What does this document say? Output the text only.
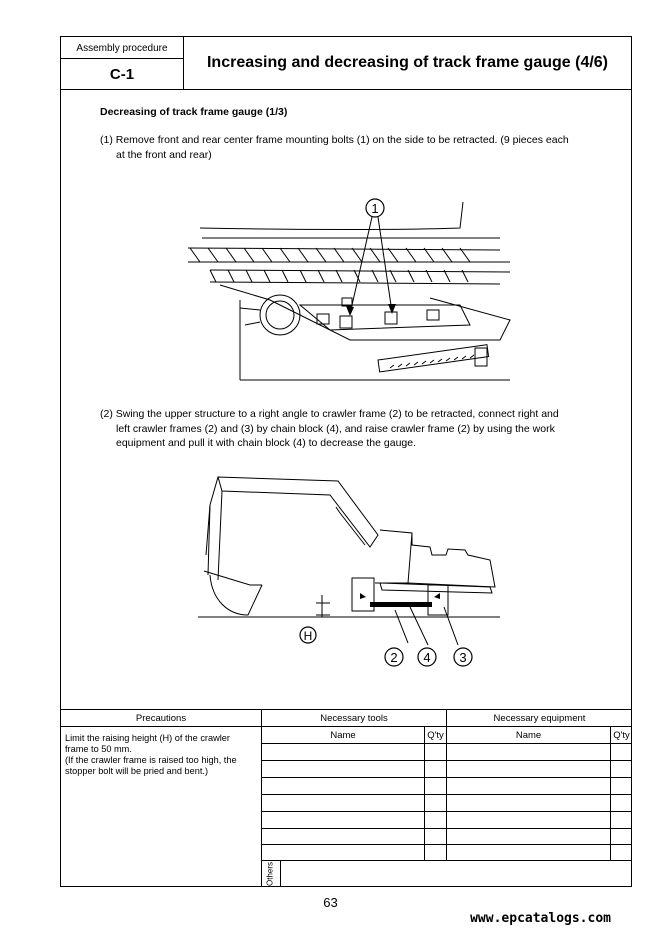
Assembly procedure
C-1
Increasing and decreasing of track frame gauge (4/6)
Decreasing of track frame gauge (1/3)
(1) Remove front and rear center frame mounting bolts (1) on the side to be retracted. (9 pieces each
at the front and rear)
1
(2) Swing the upper structure to a right angle to crawler frame (2) to be retracted, connect right and
left crawler frames (2) and (3) by chain block (4), and raise crawler frame (2) by using the work
equipment and pull it with chain block (4) to decrease the gauge.
H
2 4 3
Precautions	Necessary tools	Necessary equipment
Name	Q'ty	Name	Q'ty
Limit the raising height (H) of the crawler frame to 50 mm.
(If the crawler frame is raised too high, the stopper bolt will be pried and bent.)
Others
63
www.epcatalogs.com
